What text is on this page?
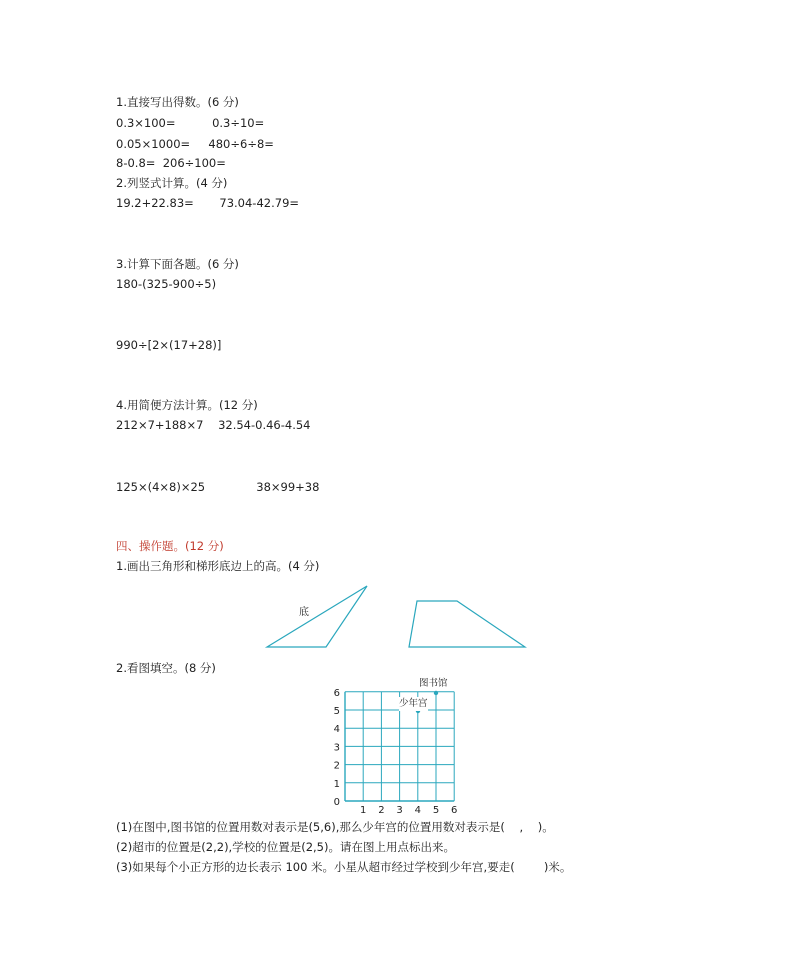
1.直接写出得数。(6 分)
0.3×100=          0.3÷10=
0.05×1000=     480÷6÷8=
8-0.8=  206÷100=
2.列竖式计算。(4 分)
19.2+22.83=       73.04-42.79=
3.计算下面各题。(6 分)
180-(325-900÷5)
990÷[2×(17+28)]
4.用简便方法计算。(12 分)
212×7+188×7    32.54-0.46-4.54
125×(4×8)×25              38×99+38
四、操作题。(12 分)
1.画出三角形和梯形底边上的高。(4 分)
1 2 3 4 5 6
0
1
2
3
4
5
6
底
2.看图填空。(8 分)
图书馆
少年宫
(1)在图中,图书馆的位置用数对表示是(5,6),那么少年宫的位置用数对表示是(    ,    )。
(2)超市的位置是(2,2),学校的位置是(2,5)。请在图上用点标出来。
(3)如果每个小正方形的边长表示 100 米。小星从超市经过学校到少年宫,要走(        )米。
